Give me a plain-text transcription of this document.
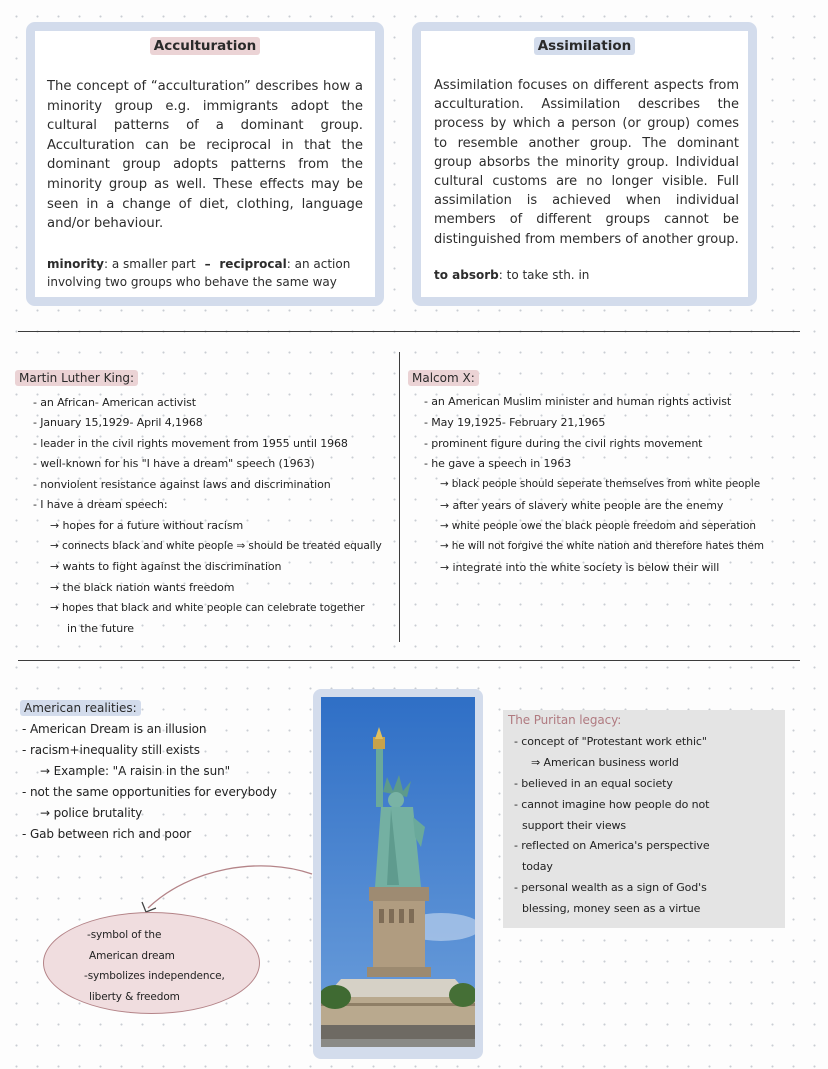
Acculturation
The concept of “acculturation” describes how a minority group e.g. immigrants adopt the cultural patterns of a dominant group. Acculturation can be reciprocal in that the dominant group adopts patterns from the minority group as well. These effects may be seen in a change of diet, clothing, language and/or behaviour.
minority: a smaller part – reciprocal: an action involving two groups who behave the same way
Assimilation
Assimilation focuses on different aspects from acculturation. Assimilation describes the process by which a person (or group) comes to resemble another group. The dominant group absorbs the minority group. Individual cultural customs are no longer visible. Full assimilation is achieved when individual members of different groups cannot be distinguished from members of another group.
to absorb: to take sth. in
Martin Luther King:
- an African- American activist
- January 15,1929- April 4,1968
- leader in the civil rights movement from 1955 until 1968
- well-known for his "I have a dream" speech (1963)
- nonviolent resistance against laws and discrimination
- I have a dream speech:
→ hopes for a future without racism
→ connects black and white people ⇒ should be treated equally
→ wants to fight against the discrimination
→ the black nation wants freedom
→ hopes that black and white people can celebrate together
in the future
Malcom X:
- an American Muslim minister and human rights activist
- May 19,1925- February 21,1965
- prominent figure during the civil rights movement
- he gave a speech in 1963
→ black people should seperate themselves from white people
→ after years of slavery white people are the enemy
→ white people owe the black people freedom and seperation
→ he will not forgive the white nation and therefore hates them
→ integrate into the white society is below their will
American realities:
- American Dream is an illusion
- racism+inequality still exists
→ Example: "A raisin in the sun"
- not the same opportunities for everybody
→ police brutality
- Gab between rich and poor
-symbol of the
American dream
-symbolizes independence,
liberty & freedom
The Puritan legacy:
- concept of "Protestant work ethic"
⇒ American business world
- believed in an equal society
- cannot imagine how people do not
support their views
- reflected on America's perspective
today
- personal wealth as a sign of God's
blessing, money seen as a virtue
